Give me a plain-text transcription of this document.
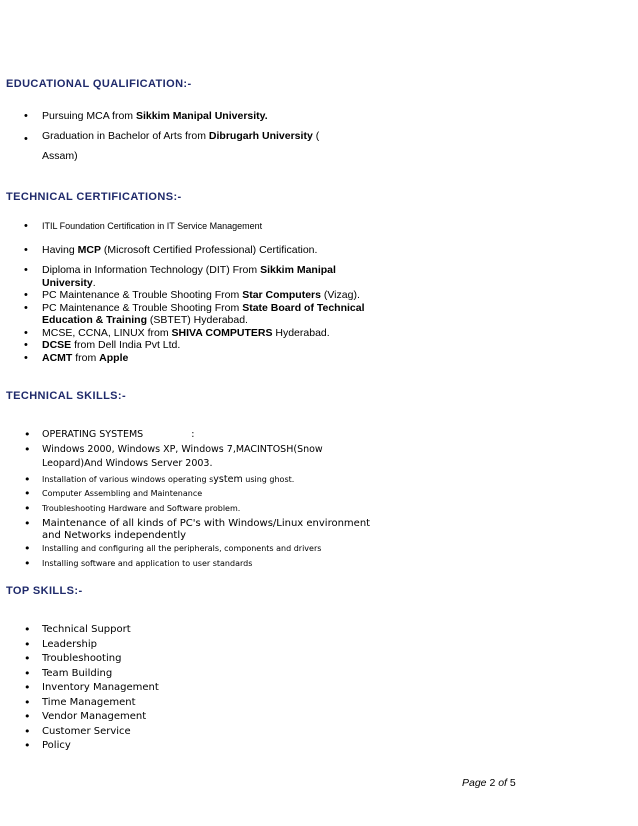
EDUCATIONAL QUALIFICATION:-
• Pursuing MCA from Sikkim Manipal University.
• Graduation in Bachelor of Arts from Dibrugarh University (
Assam)
TECHNICAL CERTIFICATIONS:-
• ITIL Foundation Certification in IT Service Management
• Having MCP (Microsoft Certified Professional) Certification.
• Diploma in Information Technology (DIT) From Sikkim Manipal University.
• PC Maintenance & Trouble Shooting From Star Computers (Vizag).
• PC Maintenance & Trouble Shooting From State Board of Technical Education & Training (SBTET) Hyderabad.
• MCSE, CCNA, LINUX from SHIVA COMPUTERS Hyderabad.
• DCSE from Dell India Pvt Ltd.
• ACMT from Apple
TECHNICAL SKILLS:-
• OPERATING SYSTEMS	:
• Windows 2000, Windows XP, Windows 7,MACINTOSH(Snow Leopard)And Windows Server 2003.
• Installation of various windows operating system using ghost.
• Computer Assembling and Maintenance
• Troubleshooting Hardware and Software problem.
• Maintenance of all kinds of PC's with Windows/Linux environment and Networks independently
• Installing and configuring all the peripherals, components and drivers
• Installing software and application to user standards
TOP SKILLS:-
• Technical Support
• Leadership
• Troubleshooting
• Team Building
• Inventory Management
• Time Management
• Vendor Management
• Customer Service
• Policy
Page 2 of 5
